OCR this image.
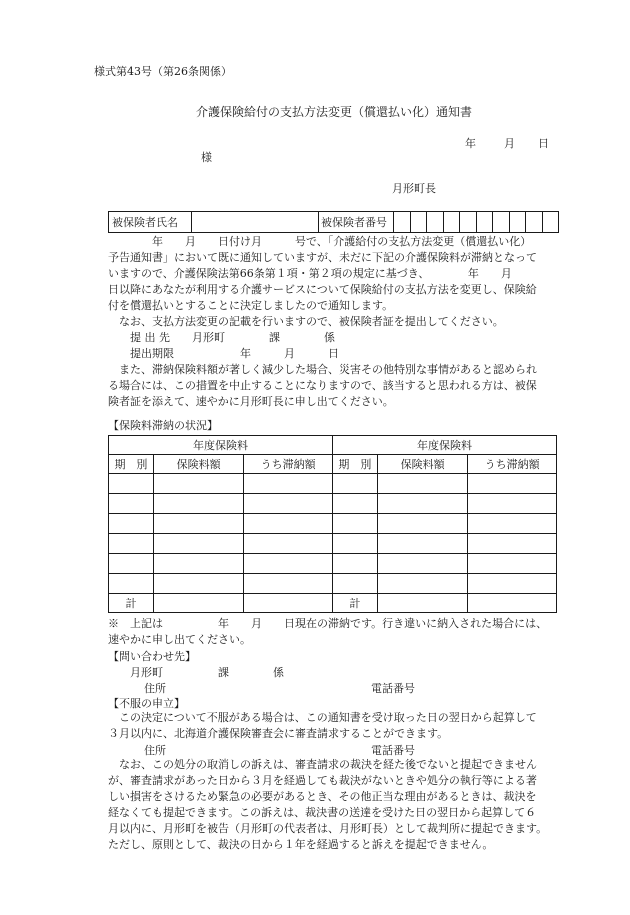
様式第43号（第26条関係）
介護保険給付の支払方法変更（償還払い化）通知書
年	月 日
様
月形町長
被保険者氏名		被保険者番号										
　　　　年　　月　　日付け月　　　号で、「介護給付の支払方法変更（償還払い化）
予告通知書」において既に通知していますが、未だに下記の介護保険料が滞納となって
いますので、介護保険法第66条第１項・第２項の規定に基づき、　　　　年　　月
日以降にあなたが利用する介護サービスについて保険給付の支払方法を変更し、保険給
付を償還払いとすることに決定しましたので通知します。
　なお、支払方法変更の記載を行いますので、被保険者証を提出してください。
　　提 出 先　　月形町　　　　課　　　　係
　　提出期限　　　　　　年　　　月　　　日
　また、滞納保険料額が著しく減少した場合、災害その他特別な事情があると認められ
る場合には、この措置を中止することになりますので、該当すると思われる方は、被保
険者証を添えて、速やかに月形町長に申し出てください。
【保険料滞納の状況】
年度保険料			年度保険料		
期　別	保険料額	うち滞納額	期　別	保険料額	うち滞納額

計			計		
※　上記は　　　　　年　　月　　日現在の滞納です。行き違いに納入された場合には、
速やかに申し出てください。
【問い合わせ先】
　　月形町　　　　　課　　　　係
住所	電話番号
【不服の申立】
　この決定について不服がある場合は、この通知書を受け取った日の翌日から起算して
３月以内に、北海道介護保険審査会に審査請求することができます。
住所	電話番号
　なお、この処分の取消しの訴えは、審査請求の裁決を経た後でないと提起できません
が、審査請求があった日から３月を経過しても裁決がないときや処分の執行等による著
しい損害をさけるため緊急の必要があるとき、その他正当な理由があるときは、裁決を
経なくても提起できます。この訴えは、裁決書の送達を受けた日の翌日から起算して６
月以内に、月形町を被告（月形町の代表者は、月形町長）として裁判所に提起できます。
ただし、原則として、裁決の日から１年を経過すると訴えを提起できません。
